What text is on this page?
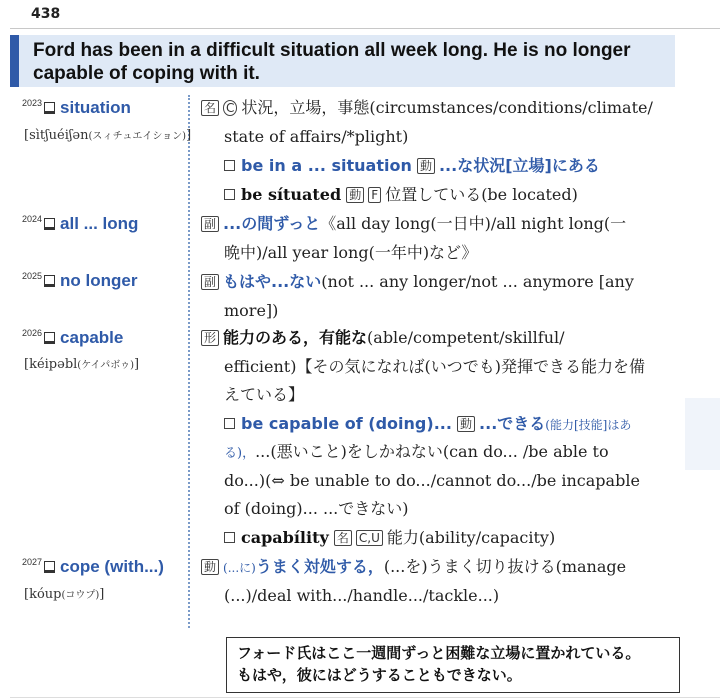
438
Ford has been in a difficult situation all week long. He is no longer
capable of coping with it.
$^{2023}$ situation
[sìtʃuéiʃən(スィチュエイション)]
名 C 状況，立場，事態(circumstances/conditions/climate/
state of affairs/*plight)
be in a ... situation 動 ...な状況[立場]にある
be sítuated 動 F 位置している(be located)
$^{2024}$ all ... long	副 ...の間ずっと《all day long(一日中)/all night long(一
晩中)/all year long(一年中)など》
$^{2025}$ no longer	副 もはや...ない(not ... any longer/not ... anymore [any
more])
$^{2026}$ capable
[kéipəbl(ケイパボゥ)]
形 能力のある，有能な(able/competent/skillful/
efficient)【その気になれば(いつでも)発揮できる能力を備
えている】
be capable of (doing)... 動 ...できる(能力[技能]はあ
る)，...(悪いこと)をしかねない(can do... /be able to
do...)(⇔ be unable to do.../cannot do.../be incapable
of (doing)... ...できない)
capabílity 名 C,U 能力(ability/capacity)
$^{2027}$ cope (with...)
[kóup(コウプ)]
動 (...に)うまく対処する，(...を)うまく切り抜ける(manage
(...)/deal with.../handle.../tackle...)
フォード氏はここ一週間ずっと困難な立場に置かれている。
もはや，彼にはどうすることもできない。
